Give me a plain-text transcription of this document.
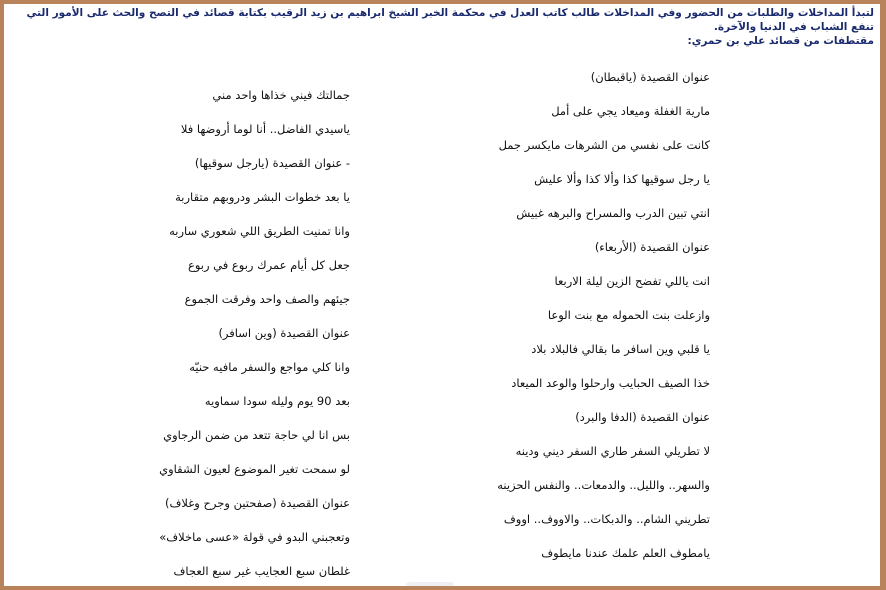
لتبدأ المداخلات والطلبات من الحضور وفي المداخلات طالب كاتب العدل في محكمة الخبر الشيخ ابراهيم بن زيد الرقيب بكتابة قصائد في التصح والحث على الأمور التي تنفع الشباب في الدنيا والآخرة.
مقتطفات من قصائد علي بن حمري:
عنوان القصيدة (ياقبطان)
مارية الغفلة وميعاد يجي على أمل
كانت على نفسي من الشرهات مايكسر جمل
يا رجل سوقيها كذا وألا كذا وألا عليش
انتي تبين الدرب والمسراح والبرهه غبيش
عنوان القصيدة (الأربعاء)
انت ياللي تفضح الزين ليلة الاربعا
وازعلت بنت الحموله مع بنت الوعا
يا قلبي وين اسافر ما بقالي فالبلاد بلاد
خذا الصيف الحبايب وارحلوا والوعد الميعاد
عنوان القصيدة (الدفا والبرد)
لا تطريلي السفر طاري السفر ديني ودينه
والسهر.. والليل.. والدمعات.. والنفس الحزينه
تطريني الشام.. والدبكات.. والاووف.. اووف
يامطوف العلم علمك عندنا مايطوف
جمالتك فيني خذاها واحد مني
ياسيدي الفاضل.. أنا لوما أروضها فلا
- عنوان القصيدة (يارجل سوقيها)
يا بعد خطوات البشر ودروبهم متقاربة
وانا تمنيت الطريق اللي شعوري ساربه
جعل كل أيام عمرك ربوع في ربوع
جيئهم والصف واحد وفرقت الجموع
عنوان القصيدة (وين اسافر)
وانا كلي مواجع والسفر مافيه حنيّه
بعد 90 يوم وليله سودا سماويه
بس انا لي حاجة تتعد من ضمن الرجاوي
لو سمحت تغير الموضوع لعيون الشقاوي
عنوان القصيدة (صفحتين وجرح وغلاف)
وتعجبني البدو في قولة «عسى ماخلاف»
غلطان سبع العجايب غير سبع العجاف
